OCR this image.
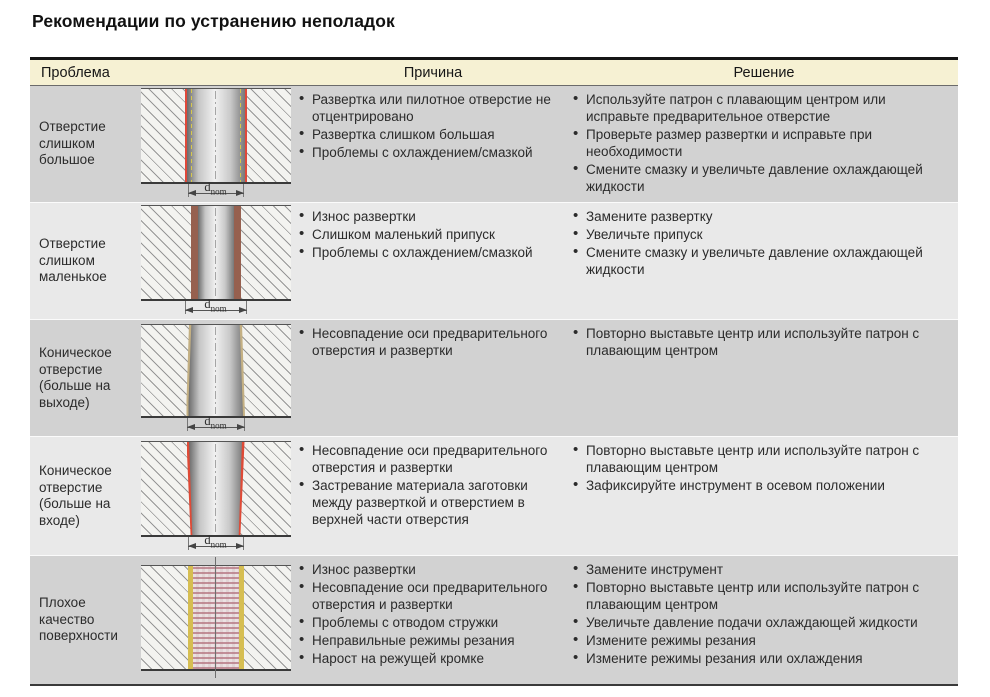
Рекомендации по устранению неполадок
Проблема	Причина	Решение
Отверстие слишком большое
$d_{nom}$
• Развертка или пилотное отверстие не отцентрировано
• Развертка слишком большая
• Проблемы с охлаждением/смазкой
• Используйте патрон с плавающим центром или исправьте предварительное отверстие
• Проверьте размер развертки и исправьте при необходимости
• Смените смазку и увеличьте давление охлаждающей жидкости
Отверстие слишком маленькое
$d_{nom}$
• Износ развертки
• Слишком маленький припуск
• Проблемы с охлаждением/смазкой
• Замените развертку
• Увеличьте припуск
• Смените смазку и увеличьте давление охлаждающей жидкости
Коническое отверстие (больше на выходе)
$d_{nom}$
• Несовпадение оси предварительного отверстия и развертки
• Повторно выставьте центр или используйте патрон с плавающим центром
Коническое отверстие (больше на входе)
$d_{nom}$
• Несовпадение оси предварительного отверстия и развертки
• Застревание материала заготовки между разверткой и отверстием в верхней части отверстия
• Повторно выставьте центр или используйте патрон с плавающим центром
• Зафиксируйте инструмент в осевом положении
Плохое качество поверхности
• Износ развертки
• Несовпадение оси предварительного отверстия и развертки
• Проблемы с отводом стружки
• Неправильные режимы резания
• Нарост на режущей кромке
• Замените инструмент
• Повторно выставьте центр или используйте патрон с плавающим центром
• Увеличьте давление подачи охлаждающей жидкости
• Измените режимы резания
• Измените режимы резания или охлаждения
